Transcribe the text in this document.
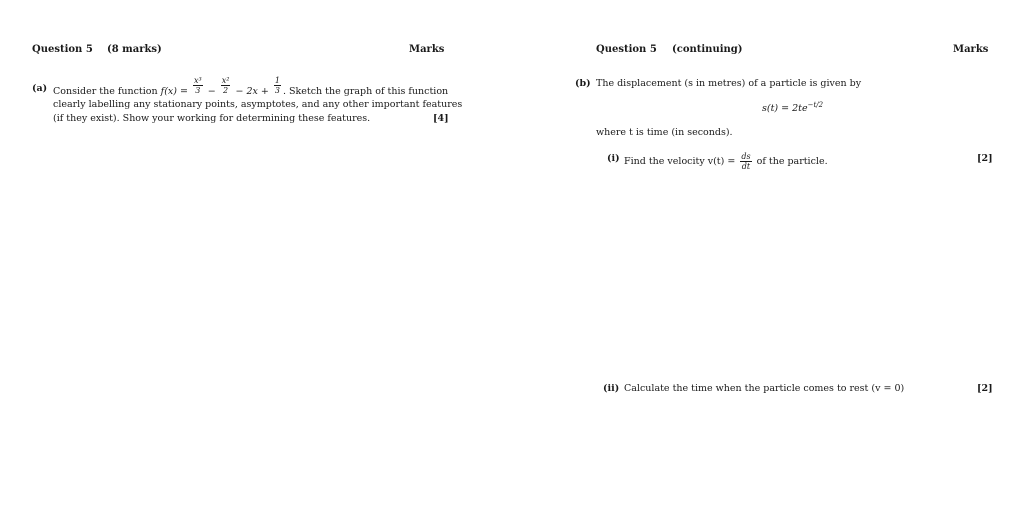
Question 5 (8 marks)	Marks
(a) Consider the function $f(x) = \frac{\text{x³}}{3} - \frac{\text{x²}}{2} - 2x + \frac{1}{3}$ . Sketch the graph of this function
clearly labelling any stationary points, asymptotes, and any other important features
(if they exist). Show your working for determining these features.	[4]
Question 5 (continuing)	Marks
(b) The displacement (s in metres) of a particle is given by
$s(t) = 2te^{-t/2}$
where t is time (in seconds).
(i) Find the velocity $v(t) = \frac{ds}{dt}$ of the particle.	[2]
(ii) Calculate the time when the particle comes to rest (v = 0)	[2]
